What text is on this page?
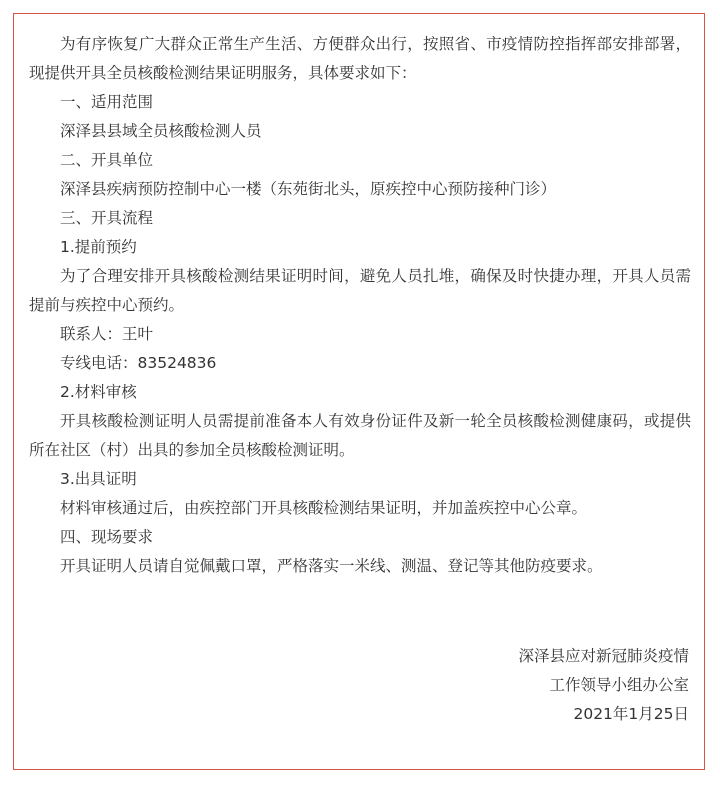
为有序恢复广大群众正常生产生活、方便群众出行，按照省、市疫情防控指挥部安排部署，现提供开具全员核酸检测结果证明服务，具体要求如下：

一、适用范围

深泽县县域全员核酸检测人员

二、开具单位

深泽县疾病预防控制中心一楼（东苑街北头，原疾控中心预防接种门诊）

三、开具流程

1.提前预约

为了合理安排开具核酸检测结果证明时间，避免人员扎堆，确保及时快捷办理，开具人员需提前与疾控中心预约。

联系人：王叶

专线电话：83524836

2.材料审核

开具核酸检测证明人员需提前准备本人有效身份证件及新一轮全员核酸检测健康码，或提供所在社区（村）出具的参加全员核酸检测证明。

3.出具证明

材料审核通过后，由疾控部门开具核酸检测结果证明，并加盖疾控中心公章。

四、现场要求

开具证明人员请自觉佩戴口罩，严格落实一米线、测温、登记等其他防疫要求。

深泽县应对新冠肺炎疫情
工作领导小组办公室
2021年1月25日
